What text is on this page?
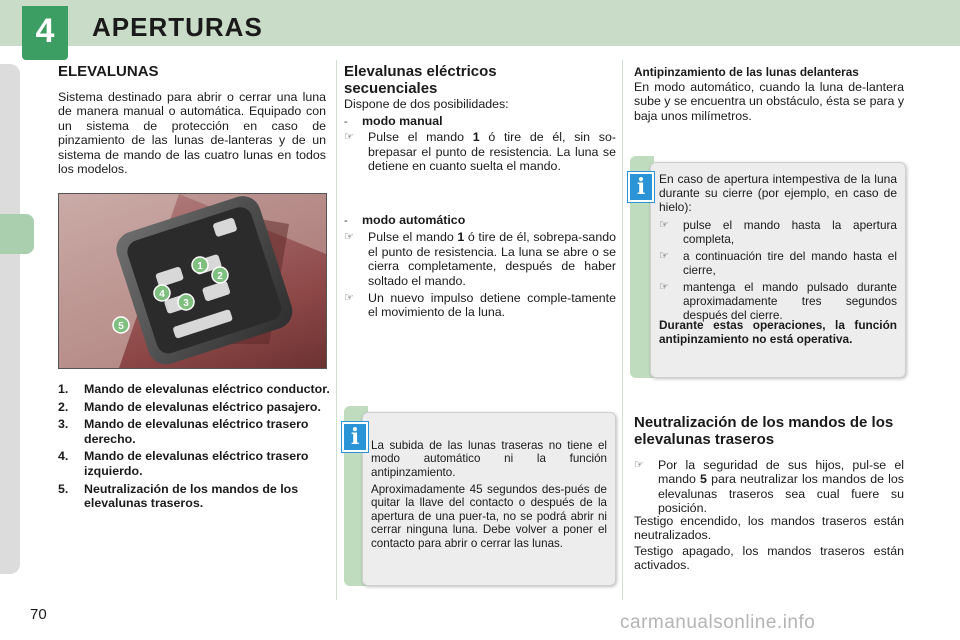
4	APERTURAS
ELEVALUNAS

Sistema destinado para abrir o cerrar una luna de manera manual o automática. Equipado con un sistema de protección en caso de pinzamiento de las lunas de-lanteras y de un sistema de mando de las cuatro lunas en todos los modelos.

1
2
3
4
5
1. Mando de elevalunas eléctrico conductor.
2. Mando de elevalunas eléctrico pasajero.
3. Mando de elevalunas eléctrico trasero derecho.
4. Mando de elevalunas eléctrico trasero izquierdo.
5. Neutralización de los mandos de los elevalunas traseros.
Elevalunas eléctricos secuenciales

Dispone de dos posibilidades:

- modo manual
☞	Pulse el mando 1 ó tire de él, sin so-brepasar el punto de resistencia. La luna se detiene en cuanto suelta el mando.
- modo automático
☞	Pulse el mando 1 ó tire de él, sobrepa-sando el punto de resistencia. La luna se abre o se cierra completamente, después de haber soltado el mando.
☞	Un nuevo impulso detiene comple-tamente el movimiento de la luna.

La subida de las lunas traseras no tiene el modo automático ni la función antipinzamiento.

Aproximadamente 45 segundos des-pués de quitar la llave del contacto o después de la apertura de una puer-ta, no se podrá abrir ni cerrar ninguna luna. Debe volver a poner el contacto para abrir o cerrar las lunas.

i
Antipinzamiento de las lunas delanteras

En modo automático, cuando la luna de-lantera sube y se encuentra un obstáculo, ésta se para y baja unos milímetros.

En caso de apertura intempestiva de la luna durante su cierre (por ejemplo, en caso de hielo):

☞	pulse el mando hasta la apertura completa,
☞	a continuación tire del mando hasta el cierre,
☞	mantenga el mando pulsado durante aproximadamente tres segundos después del cierre.

Durante estas operaciones, la función antipinzamiento no está operativa.

i
Neutralización de los mandos de los elevalunas traseros
☞	Por la seguridad de sus hijos, pul-se el mando 5 para neutralizar los mandos de los elevalunas traseros sea cual fuere su posición.

Testigo encendido, los mandos traseros están neutralizados.

Testigo apagado, los mandos traseros están activados.

70	carmanualsonline.info
